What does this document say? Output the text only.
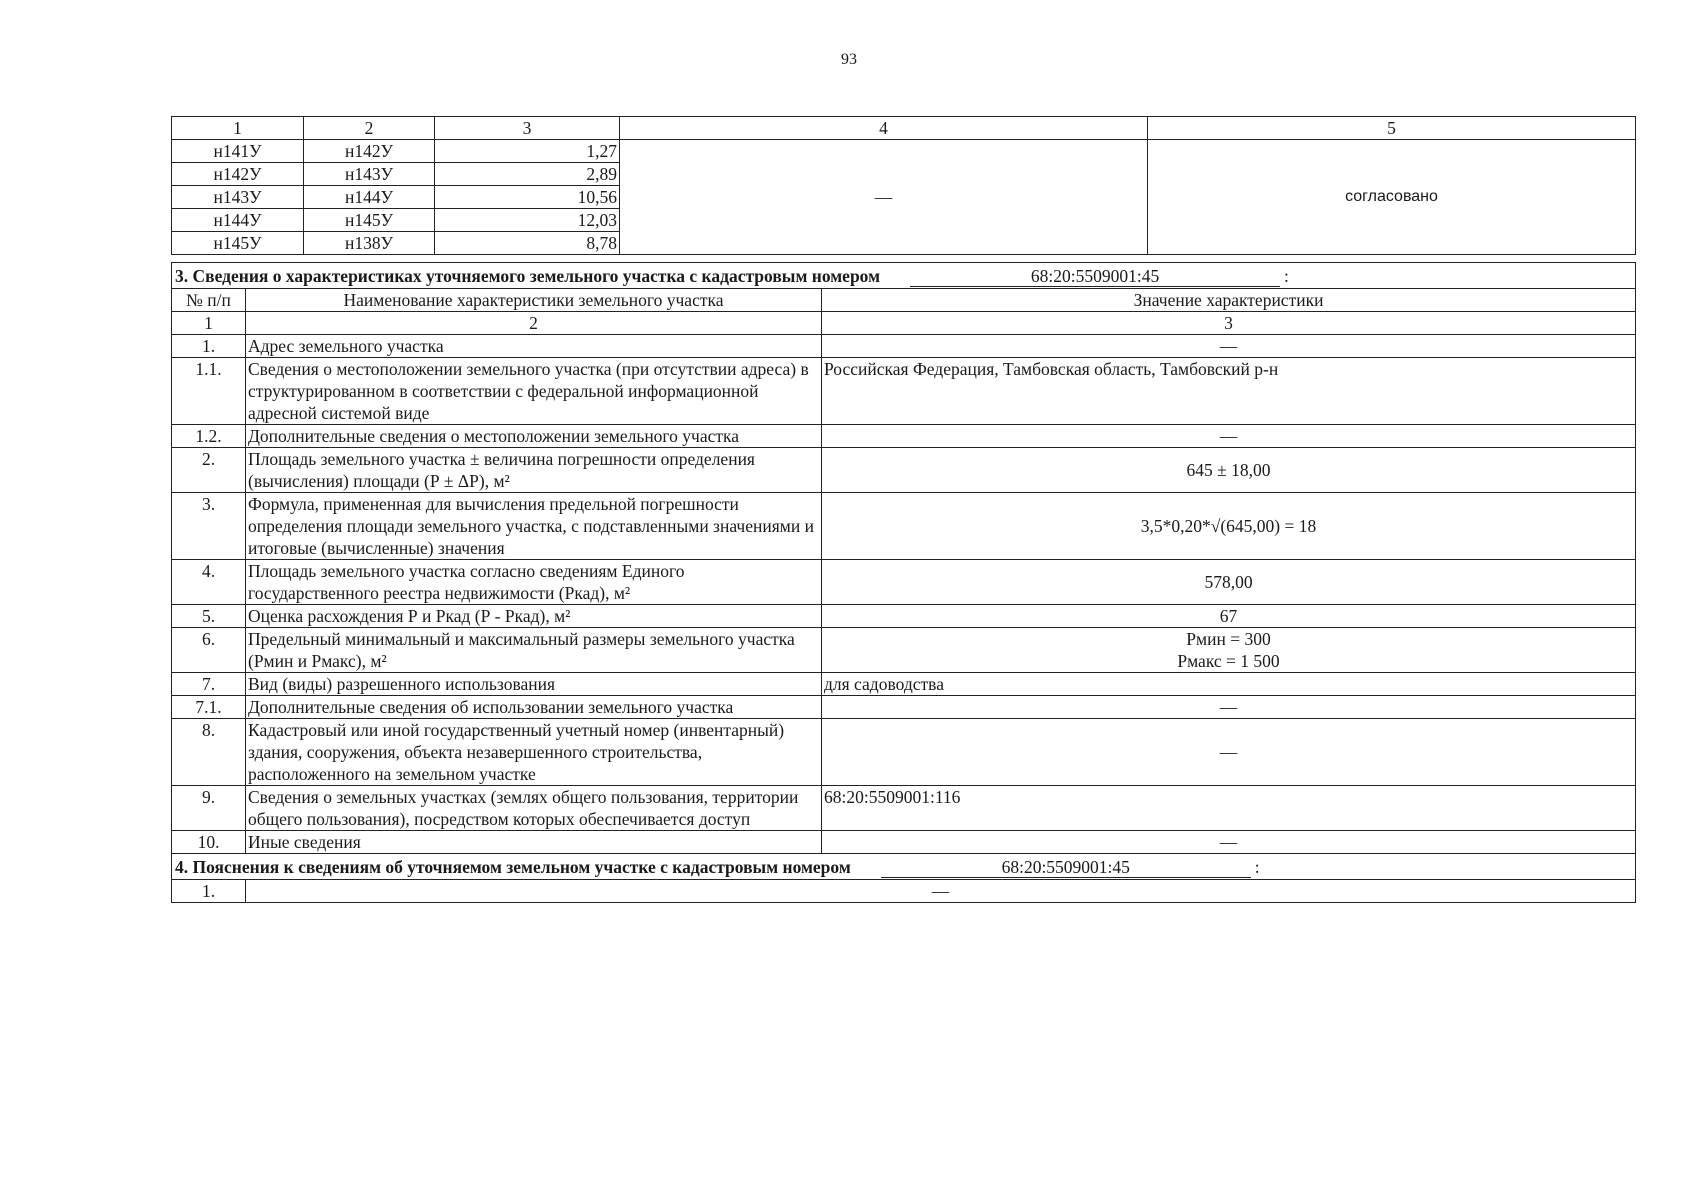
93
1	2	3	4	5
н141У	н142У	1,27	—	согласовано
н142У	н143У	2,89		
н143У	н144У	10,56		
н144У	н145У	12,03		
н145У	н138У	8,78		
3. Сведения о характеристиках уточняемого земельного участка с кадастровым номером 68:20:5509001:45 :		
№ п/п	Наименование характеристики земельного участка	Значение характеристики
1	2	3
1.	Адрес земельного участка	—
1.1.	Сведения о местоположении земельного участка (при отсутствии адреса) в структурированном в соответствии с федеральной информационной адресной системой виде	Российская Федерация, Тамбовская область, Тамбовский р-н
1.2.	Дополнительные сведения о местоположении земельного участка	—
2.	Площадь земельного участка ± величина погрешности определения (вычисления) площади (Р ± ΔР), м²	645 ± 18,00
3.	Формула, примененная для вычисления предельной погрешности определения площади земельного участка, с подставленными значениями и итоговые (вычисленные) значения	3,5*0,20*√(645,00) = 18
4.	Площадь земельного участка согласно сведениям Единого государственного реестра недвижимости (Ркад), м²	578,00
5.	Оценка расхождения Р и Ркад (Р - Ркад), м²	67
6.	Предельный минимальный и максимальный размеры земельного участка (Рмин и Рмакс), м²	Рмин = 300
Рмакс = 1 500

7.	Вид (виды) разрешенного использования	для садоводства
7.1.	Дополнительные сведения об использовании земельного участка	—
8.	Кадастровый или иной государственный учетный номер (инвентарный) здания, сооружения, объекта незавершенного строительства, расположенного на земельном участке	—
9.	Сведения о земельных участках (землях общего пользования, территории общего пользования), посредством которых обеспечивается доступ	68:20:5509001:116
10.	Иные сведения	—
4. Пояснения к сведениям об уточняемом земельном участке с кадастровым номером 68:20:5509001:45 :		
1.	—	
